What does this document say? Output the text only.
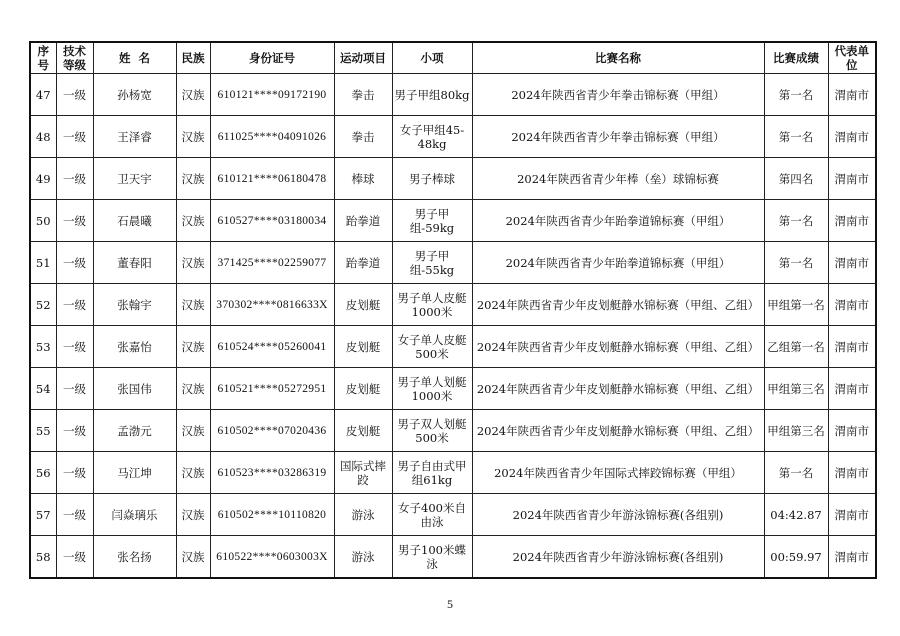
序号	技术等级	姓  名	民族	身份证号	运动项目	小项	比赛名称	比赛成绩	代表单位
47	一级	孙杨宽	汉族	610121****09172190	拳击	男子甲组80kg	2024年陕西省青少年拳击锦标赛（甲组）	第一名	渭南市
48	一级	王泽睿	汉族	611025****04091026	拳击	女子甲组45-48kg	2024年陕西省青少年拳击锦标赛（甲组）	第一名	渭南市
49	一级	卫天宇	汉族	610121****06180478	棒球	男子棒球	2024年陕西省青少年棒（垒）球锦标赛	第四名	渭南市
50	一级	石晨曦	汉族	610527****03180034	跆拳道	男子甲组-59kg	2024年陕西省青少年跆拳道锦标赛（甲组）	第一名	渭南市
51	一级	董春阳	汉族	371425****02259077	跆拳道	男子甲组-55kg	2024年陕西省青少年跆拳道锦标赛（甲组）	第一名	渭南市
52	一级	张翰宇	汉族	370302****0816633X	皮划艇	男子单人皮艇1000米	2024年陕西省青少年皮划艇静水锦标赛（甲组、乙组）	甲组第一名	渭南市
53	一级	张嘉怡	汉族	610524****05260041	皮划艇	女子单人皮艇500米	2024年陕西省青少年皮划艇静水锦标赛（甲组、乙组）	乙组第一名	渭南市
54	一级	张国伟	汉族	610521****05272951	皮划艇	男子单人划艇1000米	2024年陕西省青少年皮划艇静水锦标赛（甲组、乙组）	甲组第三名	渭南市
55	一级	孟渤元	汉族	610502****07020436	皮划艇	男子双人划艇500米	2024年陕西省青少年皮划艇静水锦标赛（甲组、乙组）	甲组第三名	渭南市
56	一级	马江坤	汉族	610523****03286319	国际式摔跤	男子自由式甲组61kg	2024年陕西省青少年国际式摔跤锦标赛（甲组）	第一名	渭南市
57	一级	闫焱璃乐	汉族	610502****10110820	游泳	女子400米自由泳	2024年陕西省青少年游泳锦标赛(各组别)	04:42.87	渭南市
58	一级	张名扬	汉族	610522****0603003X	游泳	男子100米蝶泳	2024年陕西省青少年游泳锦标赛(各组别)	00:59.97	渭南市
5
